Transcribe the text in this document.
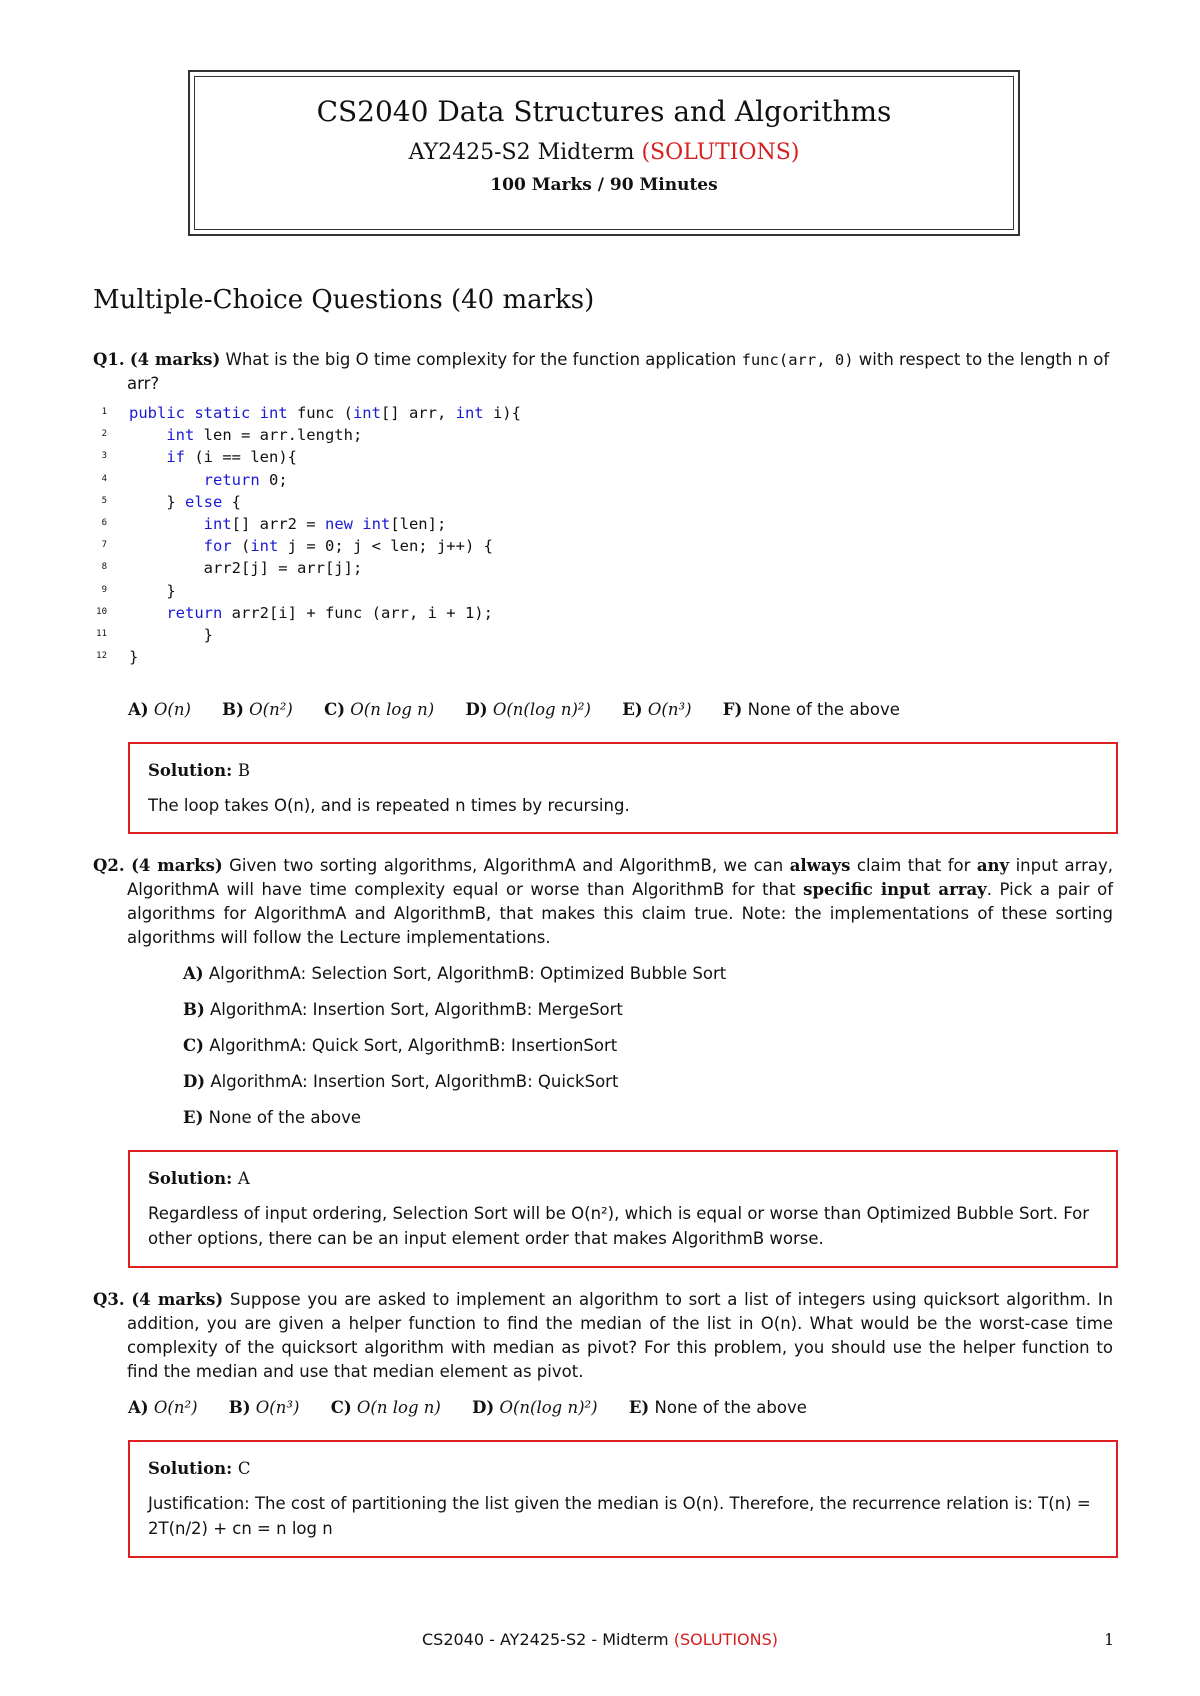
CS2040 Data Structures and Algorithms
AY2425-S2 Midterm (SOLUTIONS)
100 Marks / 90 Minutes
Multiple-Choice Questions (40 marks)
Q1. (4 marks) What is the big O time complexity for the function application func(arr, 0) with respect to the length n of arr?
1 public static int func (int[] arr, int i){
2	int len = arr.length;
3	if (i == len){
4	return 0;
5 } else {
6	int[] arr2 = new int[len];
7	for (int j = 0; j < len; j++) {
8 arr2[j] = arr[j];
9 }
10	return arr2[i] + func (arr, i + 1);
11 }
12 }
A) O(n) B) O(n²) C) O(n log n) D) O(n(log n)²) E) O(n³) F) None of the above
Solution: B
The loop takes O(n), and is repeated n times by recursing.
Q2. (4 marks) Given two sorting algorithms, AlgorithmA and AlgorithmB, we can always claim that for any input array, AlgorithmA will have time complexity equal or worse than AlgorithmB for that specific input array. Pick a pair of algorithms for AlgorithmA and AlgorithmB, that makes this claim true. Note: the implementations of these sorting algorithms will follow the Lecture implementations.
A) AlgorithmA: Selection Sort, AlgorithmB: Optimized Bubble Sort
B) AlgorithmA: Insertion Sort, AlgorithmB: MergeSort
C) AlgorithmA: Quick Sort, AlgorithmB: InsertionSort
D) AlgorithmA: Insertion Sort, AlgorithmB: QuickSort
E) None of the above
Solution: A
Regardless of input ordering, Selection Sort will be O(n²), which is equal or worse than Optimized Bubble Sort. For other options, there can be an input element order that makes AlgorithmB worse.
Q3. (4 marks) Suppose you are asked to implement an algorithm to sort a list of integers using quicksort algorithm. In addition, you are given a helper function to find the median of the list in O(n). What would be the worst-case time complexity of the quicksort algorithm with median as pivot? For this problem, you should use the helper function to find the median and use that median element as pivot.
A) O(n²) B) O(n³) C) O(n log n) D) O(n(log n)²) E) None of the above
Solution: C
Justification: The cost of partitioning the list given the median is O(n). Therefore, the recurrence relation is: T(n) = 2T(n/2) + cn = n log n
CS2040 - AY2425-S2 - Midterm (SOLUTIONS)	1
